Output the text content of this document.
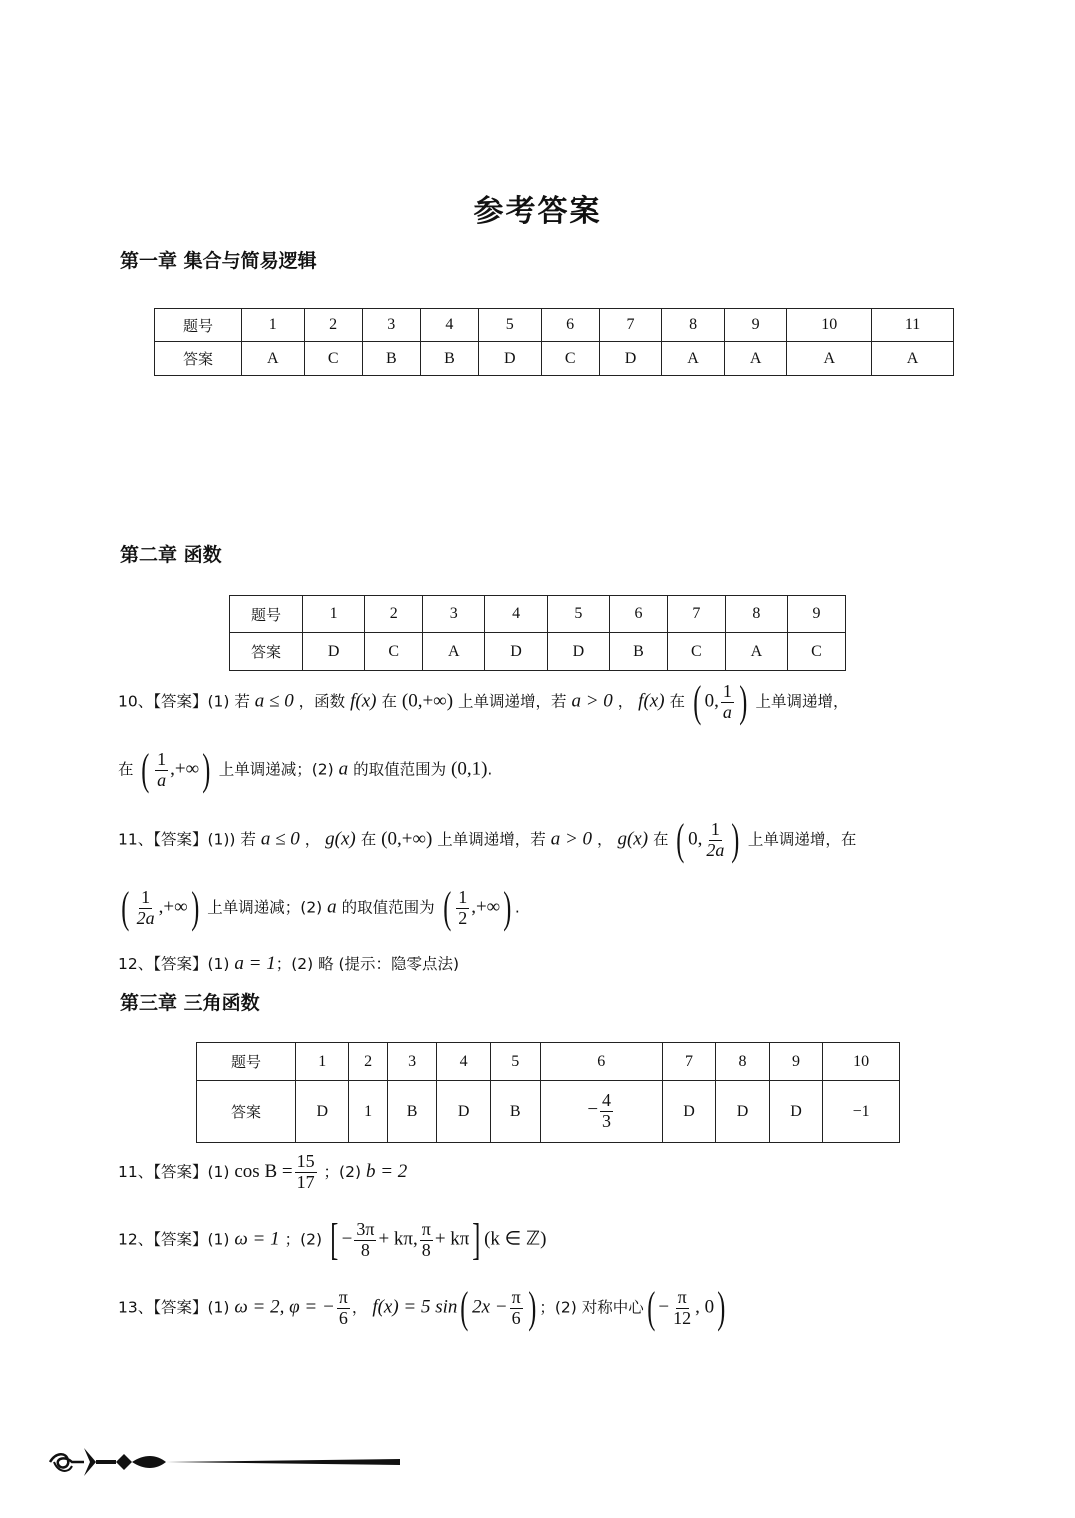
参考答案
第一章 集合与简易逻辑
题号	1	2	3	4	5	6	7	8	9	10	11
答案	A	C	B	B	D	C	D	A	A	A	A
第二章 函数
题号	1	2	3	4	5	6	7	8	9
答案	D	C	A	D	D	B	C	A	C
10、【答案】(1) 若 a ≤ 0 ，函数 f(x) 在 (0,+∞) 上单调递增，若 a > 0 ， f(x) 在 ( 0, $\frac{1}{a}$ ) 上单调递增，
在 ( $\frac{1}{a}$ ,+∞) 上单调递减；(2) a 的取值范围为 (0,1).
11、【答案】(1)) 若 a ≤ 0 ， g(x) 在 (0,+∞) 上单调递增，若 a > 0 ， g(x) 在 ( 0, $\frac{1}{2a}$ ) 上单调递增，在
( $\frac{1}{2a}$ ,+∞) 上单调递减；(2) a 的取值范围为 ( $\frac{1}{2}$ ,+∞) .
12、【答案】(1) a = 1；(2) 略 (提示：隐零点法)
第三章 三角函数
题号	1	2	3	4	5	6	7	8	9	10
答案	D	1	B	D	B	− $\frac{4}{3}$	D	D	D	−1
11、【答案】(1) $\cos B = \frac{15}{17}$ ；(2) b = 2
12、【答案】(1) ω = 1 ；(2) [ − $\frac{3\pi}{8} + k\pi$, $\frac{\pi}{8} + k\pi$] (k ∈ ℤ)
13、【答案】(1) ω = 2, φ = − $\frac{\pi}{6}$ ， f(x) = 5 sin( $2x - \frac{\pi}{6}$ ) ；(2) 对称中心( − $\frac{\pi}{12}$ , 0)
